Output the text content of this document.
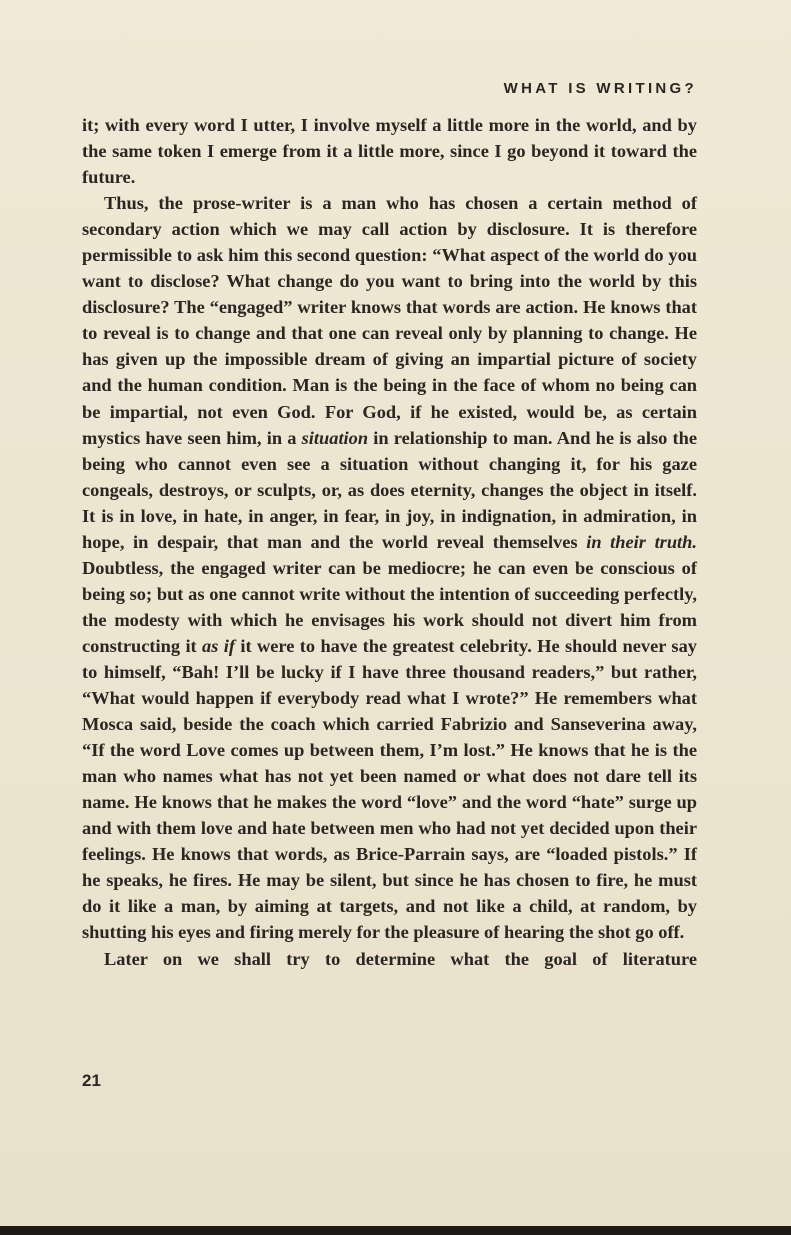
WHAT IS WRITING?

it; with every word I utter, I involve myself a little more in the world, and by the same token I emerge from it a little more, since I go beyond it toward the future.

Thus, the prose-writer is a man who has chosen a certain method of secondary action which we may call action by disclosure. It is therefore permissible to ask him this second question: “What aspect of the world do you want to disclose? What change do you want to bring into the world by this disclosure? The “engaged” writer knows that words are action. He knows that to reveal is to change and that one can reveal only by planning to change. He has given up the impossible dream of giving an impartial picture of society and the human condition. Man is the being in the face of whom no being can be impartial, not even God. For God, if he existed, would be, as certain mystics have seen him, in a situation in relationship to man. And he is also the being who cannot even see a situation without changing it, for his gaze congeals, destroys, or sculpts, or, as does eternity, changes the object in itself. It is in love, in hate, in anger, in fear, in joy, in indignation, in admiration, in hope, in despair, that man and the world reveal themselves in their truth. Doubtless, the engaged writer can be mediocre; he can even be conscious of being so; but as one cannot write without the intention of succeeding perfectly, the modesty with which he envisages his work should not divert him from constructing it as if it were to have the greatest celebrity. He should never say to himself, “Bah! I’ll be lucky if I have three thousand readers,” but rather, “What would happen if everybody read what I wrote?” He remembers what Mosca said, beside the coach which carried Fabrizio and Sanseverina away, “If the word Love comes up between them, I’m lost.” He knows that he is the man who names what has not yet been named or what does not dare tell its name. He knows that he makes the word “love” and the word “hate” surge up and with them love and hate between men who had not yet decided upon their feelings. He knows that words, as Brice-Parrain says, are “loaded pistols.” If he speaks, he fires. He may be silent, but since he has chosen to fire, he must do it like a man, by aiming at targets, and not like a child, at random, by shutting his eyes and firing merely for the pleasure of hearing the shot go off.

Later on we shall try to determine what the goal of literature

21
